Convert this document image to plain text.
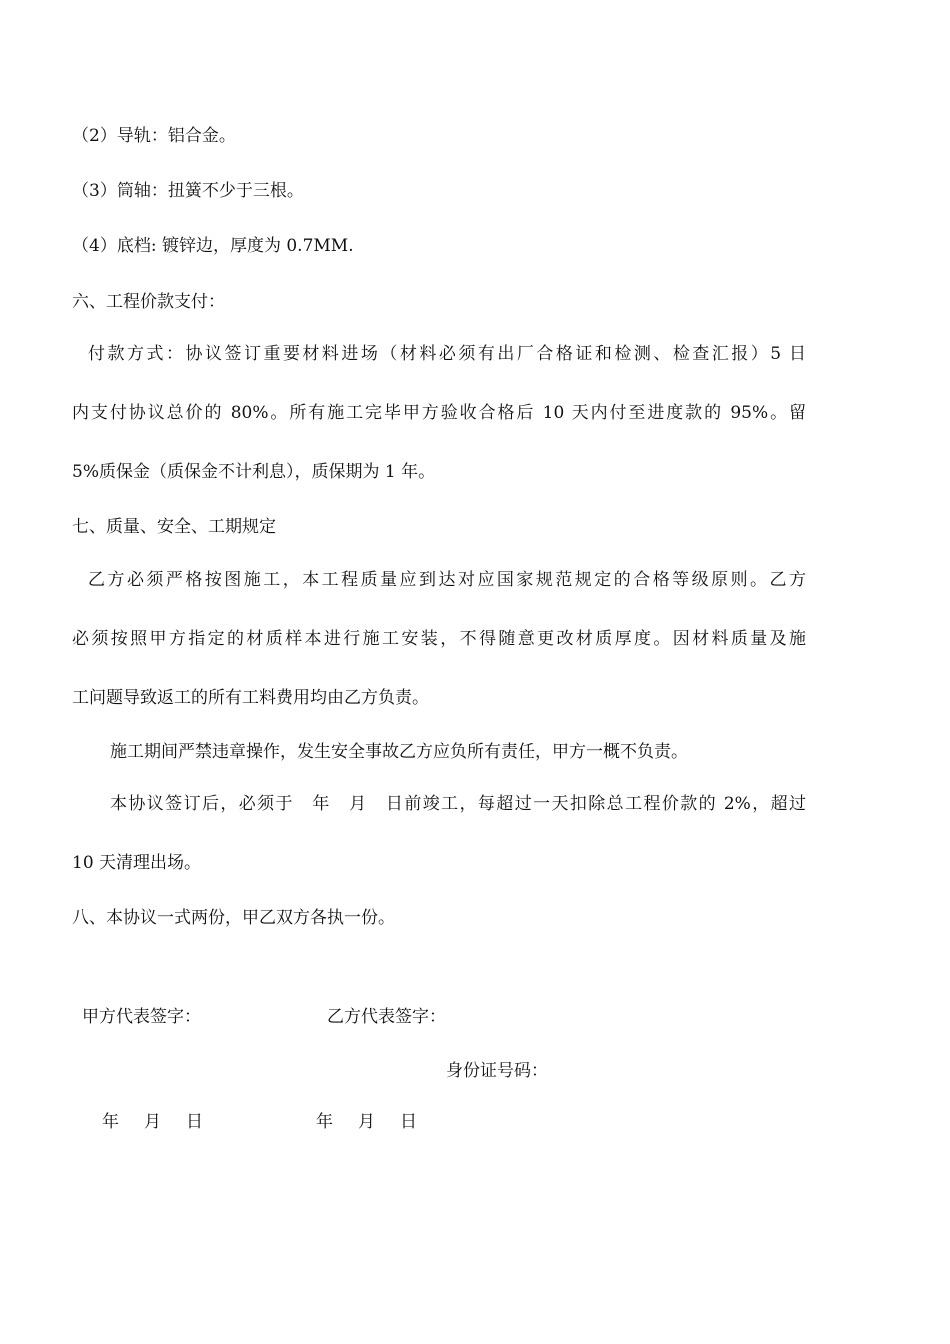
（2）导轨：铝合金。
（3）筒轴：扭簧不少于三根。
（4）底档: 镀锌边，厚度为 0.7MM.
六、工程价款支付：
付款方式：协议签订重要材料进场（材料必须有出厂合格证和检测、检查汇报）5 日
内支付协议总价的 80%。所有施工完毕甲方验收合格后 10 天内付至进度款的 95%。留
5%质保金（质保金不计利息），质保期为 1 年。
七、质量、安全、工期规定
乙方必须严格按图施工，本工程质量应到达对应国家规范规定的合格等级原则。乙方
必须按照甲方指定的材质样本进行施工安装，不得随意更改材质厚度。因材料质量及施
工问题导致返工的所有工料费用均由乙方负责。
施工期间严禁违章操作，发生安全事故乙方应负所有责任，甲方一概不负责。
本协议签订后，必须于　年　月　日前竣工，每超过一天扣除总工程价款的 2%，超过
10 天清理出场。
八、本协议一式两份，甲乙双方各执一份。
甲方代表签字：	乙方代表签字：
身份证号码：
年　月　日	年　月　日
